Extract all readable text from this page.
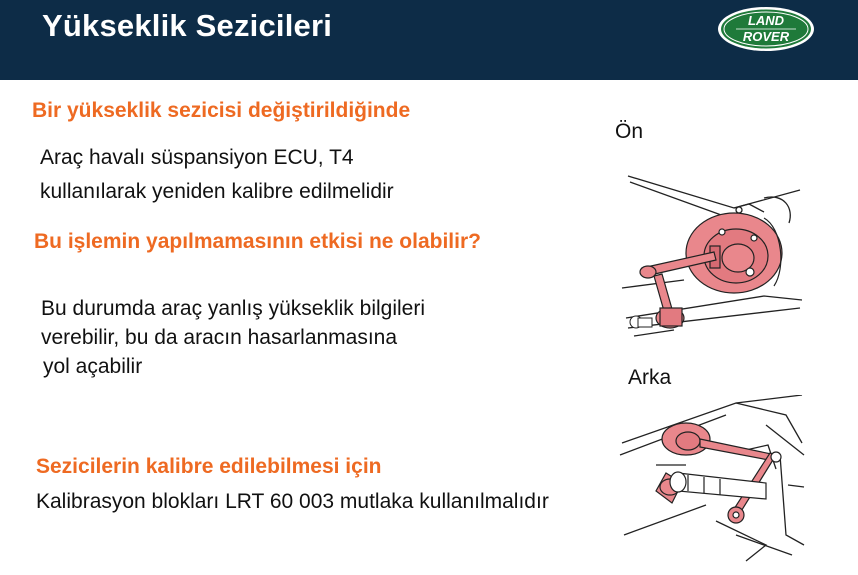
Yükseklik Sezicileri	LAND
ROVER
Bir yükseklik sezicisi değiştirildiğinde
Araç havalı süspansiyon ECU, T4
kullanılarak yeniden kalibre edilmelidir
Bu işlemin yapılmamasının etkisi ne olabilir?
Bu durumda araç yanlış yükseklik bilgileri
verebilir, bu da aracın hasarlanmasına
yol açabilir
Sezicilerin kalibre edilebilmesi için
Kalibrasyon blokları LRT 60 003 mutlaka kullanılmalıdır
Ön
Arka
